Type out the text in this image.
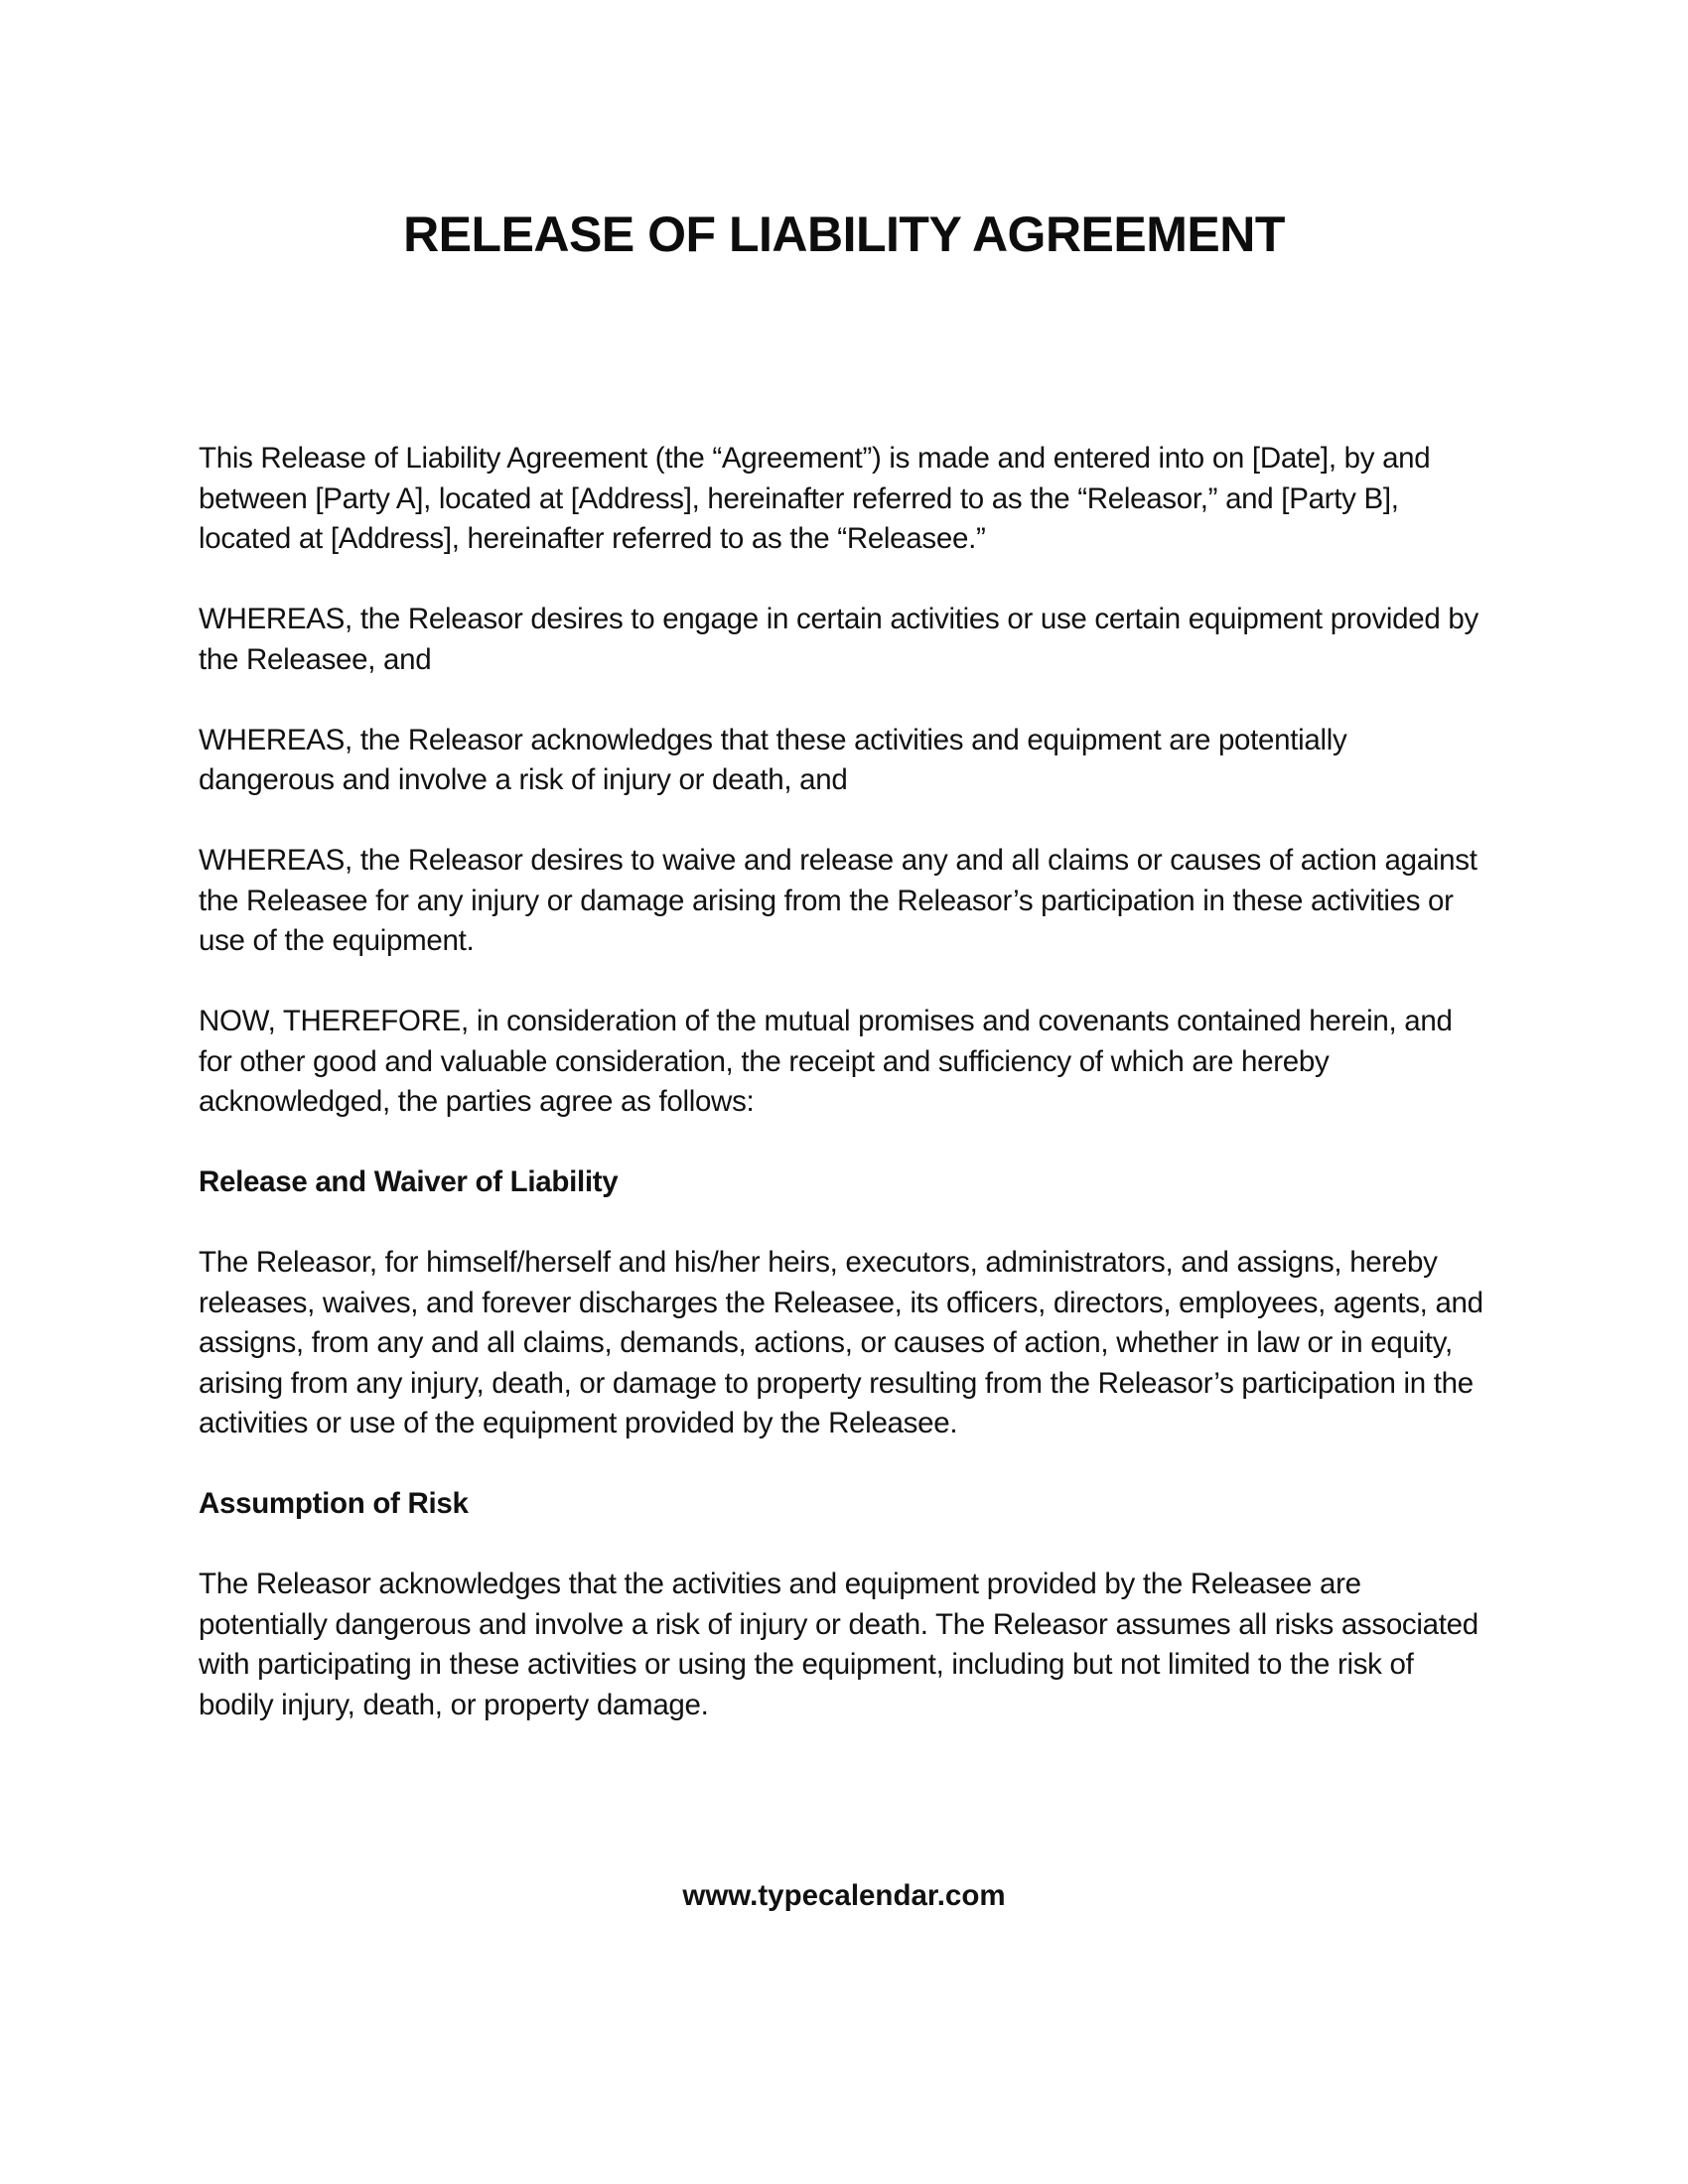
RELEASE OF LIABILITY AGREEMENT

This Release of Liability Agreement (the “Agreement”) is made and entered into on [Date], by and between [Party A], located at [Address], hereinafter referred to as the “Releasor,” and [Party B], located at [Address], hereinafter referred to as the “Releasee.”

WHEREAS, the Releasor desires to engage in certain activities or use certain equipment provided by the Releasee, and

WHEREAS, the Releasor acknowledges that these activities and equipment are potentially dangerous and involve a risk of injury or death, and

WHEREAS, the Releasor desires to waive and release any and all claims or causes of action against the Releasee for any injury or damage arising from the Releasor’s participation in these activities or use of the equipment.

NOW, THEREFORE, in consideration of the mutual promises and covenants contained herein, and for other good and valuable consideration, the receipt and sufficiency of which are hereby acknowledged, the parties agree as follows:

Release and Waiver of Liability

The Releasor, for himself/herself and his/her heirs, executors, administrators, and assigns, hereby releases, waives, and forever discharges the Releasee, its officers, directors, employees, agents, and assigns, from any and all claims, demands, actions, or causes of action, whether in law or in equity, arising from any injury, death, or damage to property resulting from the Releasor’s participation in the activities or use of the equipment provided by the Releasee.

Assumption of Risk

The Releasor acknowledges that the activities and equipment provided by the Releasee are potentially dangerous and involve a risk of injury or death. The Releasor assumes all risks associated with participating in these activities or using the equipment, including but not limited to the risk of bodily injury, death, or property damage.

www.typecalendar.com
